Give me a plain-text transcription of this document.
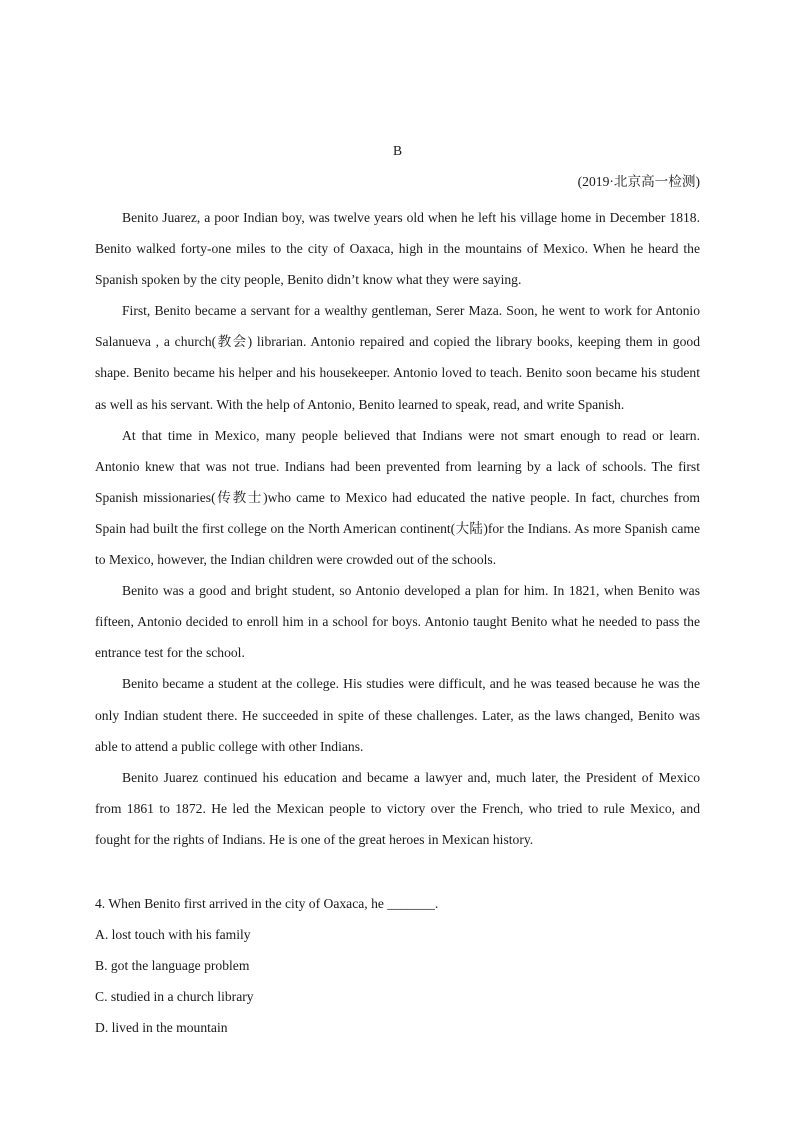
B
(2019·北京高一检测)

Benito Juarez, a poor Indian boy, was twelve years old when he left his village home in December 1818. Benito walked forty-one miles to the city of Oaxaca, high in the mountains of Mexico. When he heard the Spanish spoken by the city people, Benito didn’t know what they were saying.

First, Benito became a servant for a wealthy gentleman, Serer Maza. Soon, he went to work for Antonio Salanueva , a church(教会) librarian. Antonio repaired and copied the library books, keeping them in good shape. Benito became his helper and his housekeeper. Antonio loved to teach. Benito soon became his student as well as his servant. With the help of Antonio, Benito learned to speak, read, and write Spanish.

At that time in Mexico, many people believed that Indians were not smart enough to read or learn. Antonio knew that was not true. Indians had been prevented from learning by a lack of schools. The first Spanish missionaries(传教士)who came to Mexico had educated the native people. In fact, churches from Spain had built the first college on the North American continent(大陆)for the Indians. As more Spanish came to Mexico, however, the Indian children were crowded out of the schools.

Benito was a good and bright student, so Antonio developed a plan for him. In 1821, when Benito was fifteen, Antonio decided to enroll him in a school for boys. Antonio taught Benito what he needed to pass the entrance test for the school.

Benito became a student at the college. His studies were difficult, and he was teased because he was the only Indian student there. He succeeded in spite of these challenges. Later, as the laws changed, Benito was able to attend a public college with other Indians.

Benito Juarez continued his education and became a lawyer and, much later, the President of Mexico from 1861 to 1872. He led the Mexican people to victory over the French, who tried to rule Mexico, and fought for the rights of Indians. He is one of the great heroes in Mexican history.

4. When Benito first arrived in the city of Oaxaca, he _______.

A. lost touch with his family

B. got the language problem

C. studied in a church library

D. lived in the mountain
